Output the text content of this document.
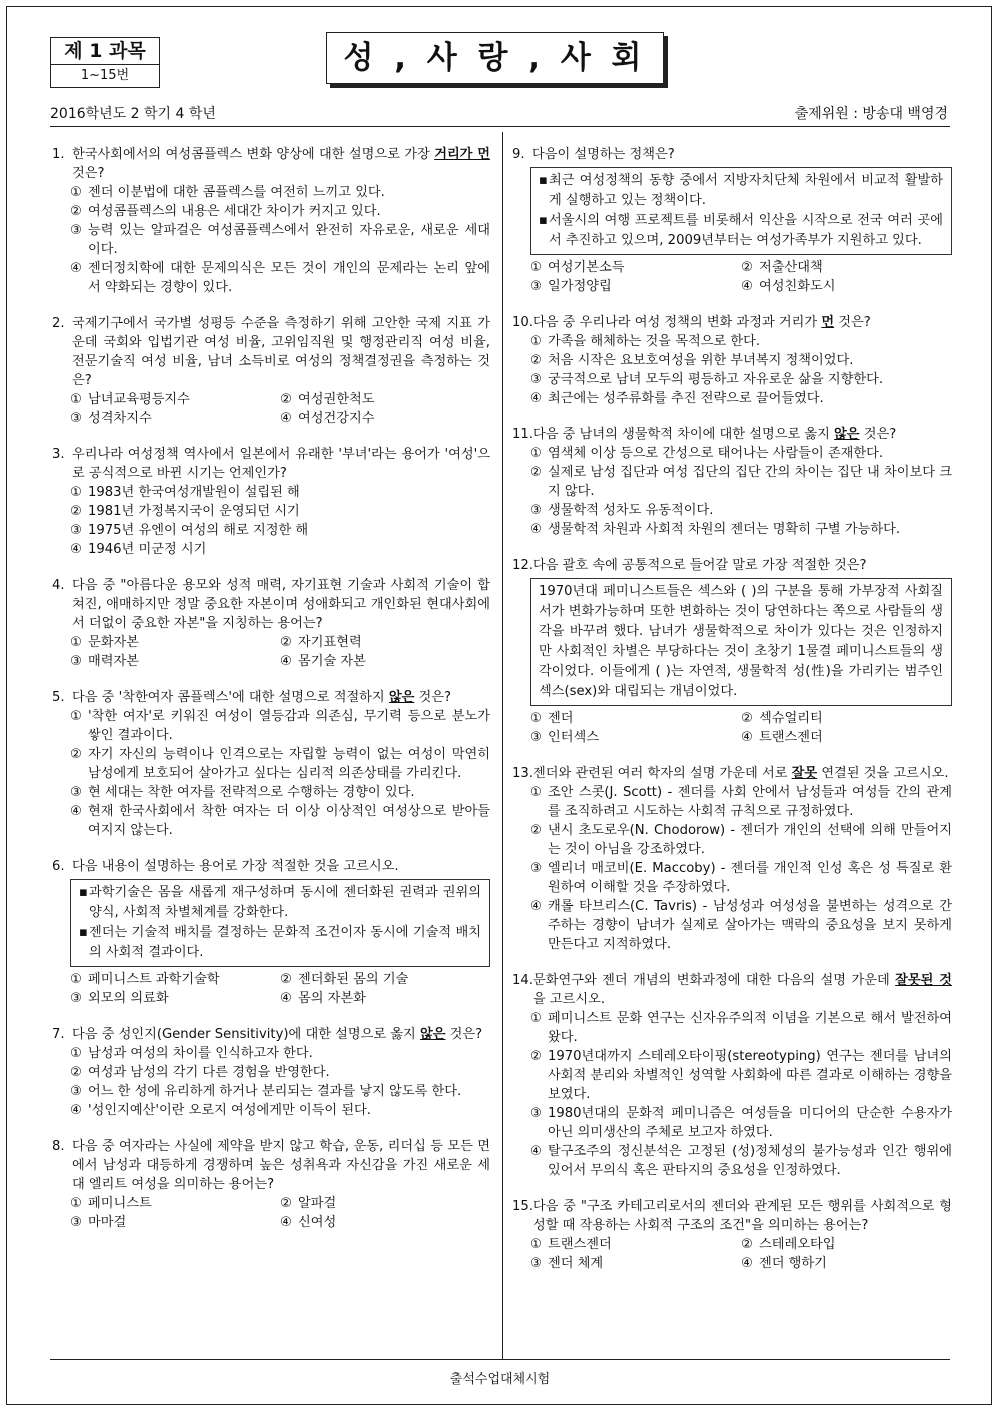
제 1 과목
1~15번	성 , 사 랑 , 사 회
2016학년도 2 학기 4 학년	출제위원 : 방송대 백영경
1. 한국사회에서의 여성콤플렉스 변화 양상에 대한 설명으로 가장 거리가 먼 것은?
① 젠더 이분법에 대한 콤플렉스를 여전히 느끼고 있다.
② 여성콤플렉스의 내용은 세대간 차이가 커지고 있다.
③ 능력 있는 알파걸은 여성콤플렉스에서 완전히 자유로운, 새로운 세대이다.
④ 젠더정치학에 대한 문제의식은 모든 것이 개인의 문제라는 논리 앞에서 약화되는 경향이 있다.
2. 국제기구에서 국가별 성평등 수준을 측정하기 위해 고안한 국제 지표 가운데 국회와 입법기관 여성 비율, 고위임직원 및 행정관리직 여성 비율, 전문기술직 여성 비율, 남녀 소득비로 여성의 정책결정권을 측정하는 것은?
① 남녀교육평등지수	② 여성권한척도
③ 성격차지수	④ 여성건강지수
3. 우리나라 여성정책 역사에서 일본에서 유래한 '부녀'라는 용어가 '여성'으로 공식적으로 바뀐 시기는 언제인가?
① 1983년 한국여성개발원이 설립된 해
② 1981년 가정복지국이 운영되던 시기
③ 1975년 유엔이 여성의 해로 지정한 해
④ 1946년 미군정 시기
4. 다음 중 "아름다운 용모와 성적 매력, 자기표현 기술과 사회적 기술이 합쳐진, 애매하지만 정말 중요한 자본이며 성애화되고 개인화된 현대사회에서 더없이 중요한 자본"을 지칭하는 용어는?
① 문화자본	② 자기표현력
③ 매력자본	④ 몸기술 자본
5. 다음 중 '착한여자 콤플렉스'에 대한 설명으로 적절하지 않은 것은?
① '착한 여자'로 키워진 여성이 열등감과 의존심, 무기력 등으로 분노가 쌓인 결과이다.
② 자기 자신의 능력이나 인격으로는 자립할 능력이 없는 여성이 막연히 남성에게 보호되어 살아가고 싶다는 심리적 의존상태를 가리킨다.
③ 현 세대는 착한 여자를 전략적으로 수행하는 경향이 있다.
④ 현재 한국사회에서 착한 여자는 더 이상 이상적인 여성상으로 받아들여지지 않는다.
6. 다음 내용이 설명하는 용어로 가장 적절한 것을 고르시오.
▪ 과학기술은 몸을 새롭게 재구성하며 동시에 젠더화된 권력과 권위의 양식, 사회적 차별체계를 강화한다.
▪ 젠더는 기술적 배치를 결정하는 문화적 조건이자 동시에 기술적 배치의 사회적 결과이다.
① 페미니스트 과학기술학	② 젠더화된 몸의 기술
③ 외모의 의료화	④ 몸의 자본화
7. 다음 중 성인지(Gender Sensitivity)에 대한 설명으로 옳지 않은 것은?
① 남성과 여성의 차이를 인식하고자 한다.
② 여성과 남성의 각기 다른 경험을 반영한다.
③ 어느 한 성에 유리하게 하거나 분리되는 결과를 낳지 않도록 한다.
④ '성인지예산'이란 오로지 여성에게만 이득이 된다.
8. 다음 중 여자라는 사실에 제약을 받지 않고 학습, 운동, 리더십 등 모든 면에서 남성과 대등하게 경쟁하며 높은 성취욕과 자신감을 가진 새로운 세대 엘리트 여성을 의미하는 용어는?
① 페미니스트	② 알파걸
③ 마마걸	④ 신여성
9. 다음이 설명하는 정책은?
▪ 최근 여성정책의 동향 중에서 지방자치단체 차원에서 비교적 활발하게 실행하고 있는 정책이다.
▪ 서울시의 여행 프로젝트를 비롯해서 익산을 시작으로 전국 여러 곳에서 추진하고 있으며, 2009년부터는 여성가족부가 지원하고 있다.
① 여성기본소득	② 저출산대책
③ 일가정양립	④ 여성친화도시
10. 다음 중 우리나라 여성 정책의 변화 과정과 거리가 먼 것은?
① 가족을 해체하는 것을 목적으로 한다.
② 처음 시작은 요보호여성을 위한 부녀복지 정책이었다.
③ 궁극적으로 남녀 모두의 평등하고 자유로운 삶을 지향한다.
④ 최근에는 성주류화를 추진 전략으로 끌어들였다.
11. 다음 중 남녀의 생물학적 차이에 대한 설명으로 옳지 않은 것은?
① 염색체 이상 등으로 간성으로 태어나는 사람들이 존재한다.
② 실제로 남성 집단과 여성 집단의 집단 간의 차이는 집단 내 차이보다 크지 않다.
③ 생물학적 성차도 유동적이다.
④ 생물학적 차원과 사회적 차원의 젠더는 명확히 구별 가능하다.
12. 다음 괄호 속에 공통적으로 들어갈 말로 가장 적절한 것은?
1970년대 페미니스트들은 섹스와 ( )의 구분을 통해 가부장적 사회질서가 변화가능하며 또한 변화하는 것이 당연하다는 쪽으로 사람들의 생각을 바꾸려 했다. 남녀가 생물학적으로 차이가 있다는 것은 인정하지만 사회적인 차별은 부당하다는 것이 초창기 1물결 페미니스트들의 생각이었다. 이들에게 ( )는 자연적, 생물학적 성(性)을 가리키는 범주인 섹스(sex)와 대립되는 개념이었다.
① 젠더	② 섹슈얼리티
③ 인터섹스	④ 트랜스젠더
13. 젠더와 관련된 여러 학자의 설명 가운데 서로 잘못 연결된 것을 고르시오.
① 조안 스콧(J. Scott) - 젠더를 사회 안에서 남성들과 여성들 간의 관계를 조직하려고 시도하는 사회적 규칙으로 규정하였다.
② 낸시 초도로우(N. Chodorow) - 젠더가 개인의 선택에 의해 만들어지는 것이 아님을 강조하였다.
③ 엘리너 매코비(E. Maccoby) - 젠더를 개인적 인성 혹은 성 특질로 환원하여 이해할 것을 주장하였다.
④ 캐롤 타브리스(C. Tavris) - 남성성과 여성성을 불변하는 성격으로 간주하는 경향이 남녀가 실제로 살아가는 맥락의 중요성을 보지 못하게 만든다고 지적하였다.
14. 문화연구와 젠더 개념의 변화과정에 대한 다음의 설명 가운데 잘못된 것을 고르시오.
① 페미니스트 문화 연구는 신자유주의적 이념을 기본으로 해서 발전하여 왔다.
② 1970년대까지 스테레오타이핑(stereotyping) 연구는 젠더를 남녀의 사회적 분리와 차별적인 성역할 사회화에 따른 결과로 이해하는 경향을 보였다.
③ 1980년대의 문화적 페미니즘은 여성들을 미디어의 단순한 수용자가 아닌 의미생산의 주체로 보고자 하였다.
④ 탈구조주의 정신분석은 고정된 (성)정체성의 불가능성과 인간 행위에 있어서 무의식 혹은 판타지의 중요성을 인정하였다.
15. 다음 중 "구조 카테고리로서의 젠더와 관계된 모든 행위를 사회적으로 형성할 때 작용하는 사회적 구조의 조건"을 의미하는 용어는?
① 트랜스젠더	② 스테레오타입
③ 젠더 체계	④ 젠더 행하기
출석수업대체시험
